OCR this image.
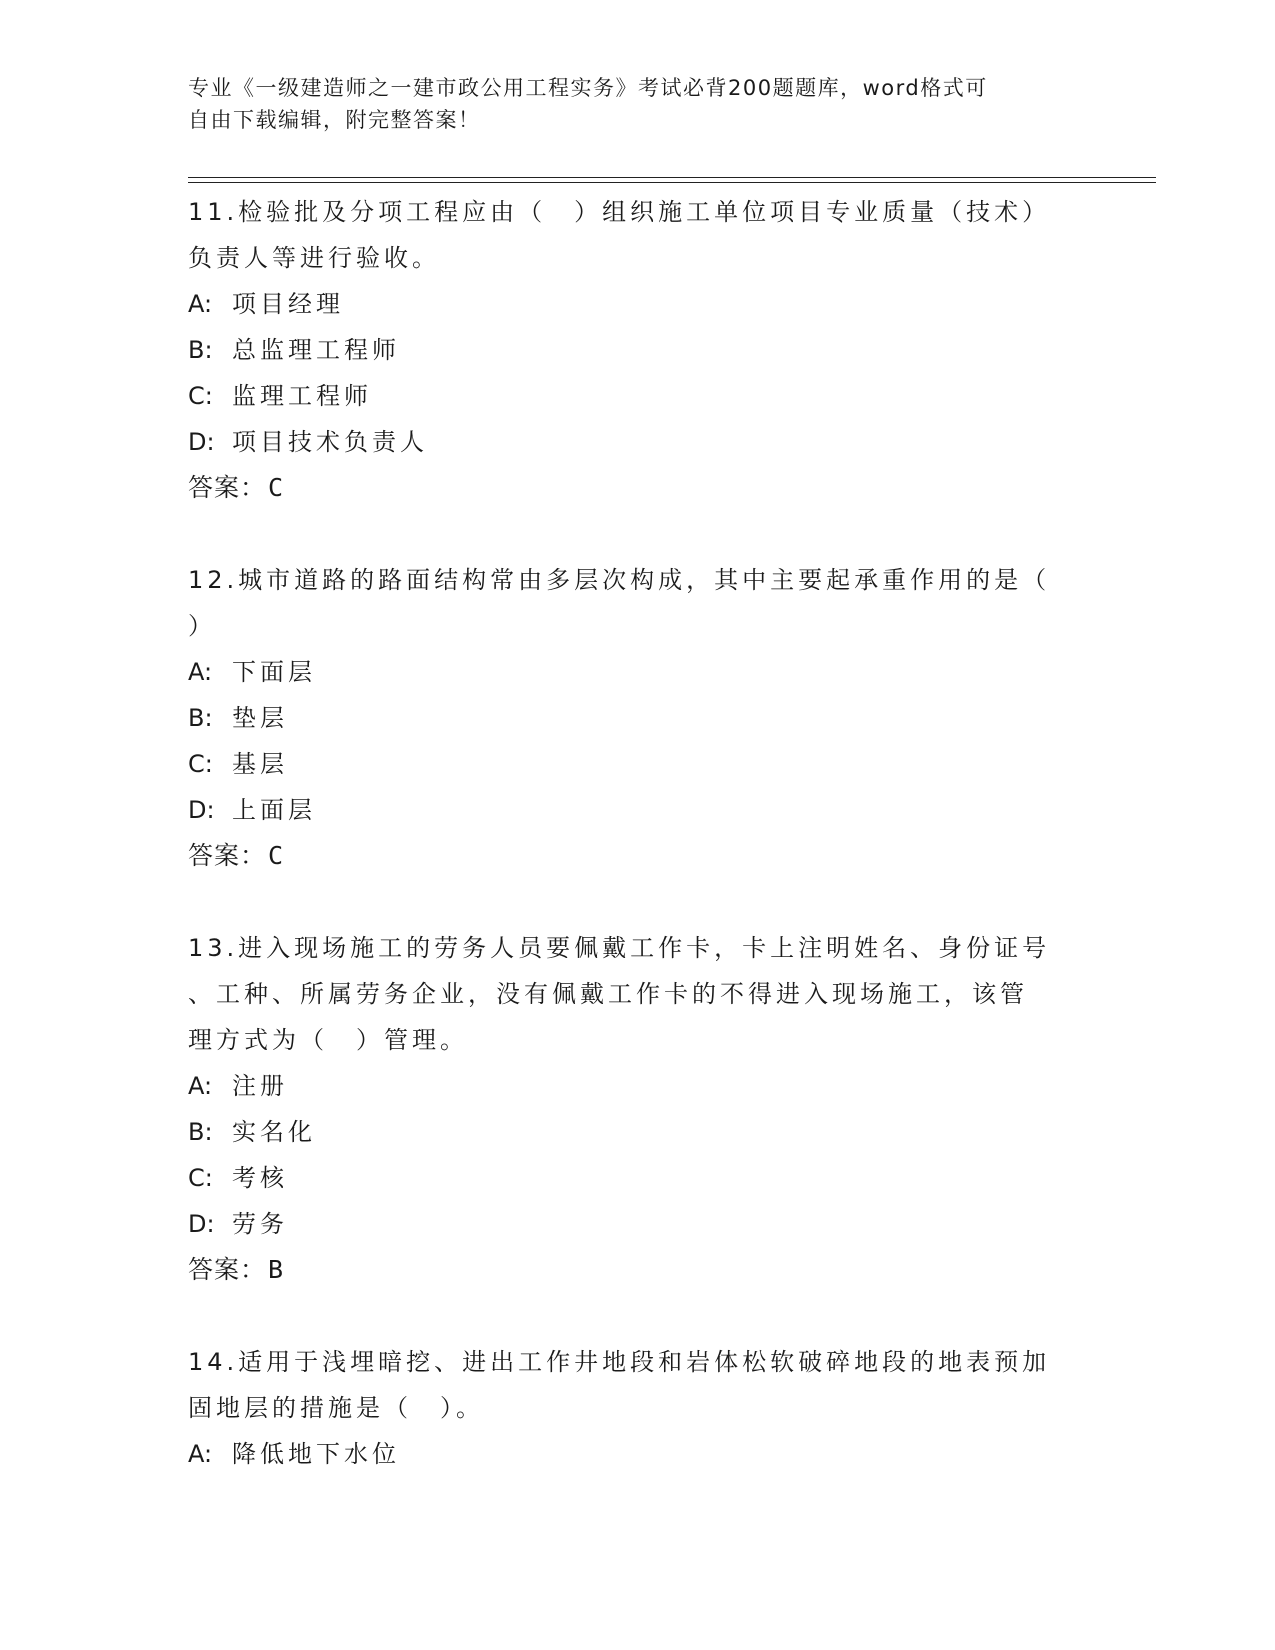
专业《一级建造师之一建市政公用工程实务》考试必背200题题库，word格式可
自由下载编辑，附完整答案！
11.检验批及分项工程应由（　）组织施工单位项目专业质量（技术）
负责人等进行验收。
A: 项目经理
B: 总监理工程师
C: 监理工程师
D: 项目技术负责人
答案：C
12.城市道路的路面结构常由多层次构成，其中主要起承重作用的是（
）
A: 下面层
B: 垫层
C: 基层
D: 上面层
答案：C
13.进入现场施工的劳务人员要佩戴工作卡，卡上注明姓名、身份证号
、工种、所属劳务企业，没有佩戴工作卡的不得进入现场施工，该管
理方式为（　）管理。
A: 注册
B: 实名化
C: 考核
D: 劳务
答案：B
14.适用于浅埋暗挖、进出工作井地段和岩体松软破碎地段的地表预加
固地层的措施是（　）。
A: 降低地下水位
